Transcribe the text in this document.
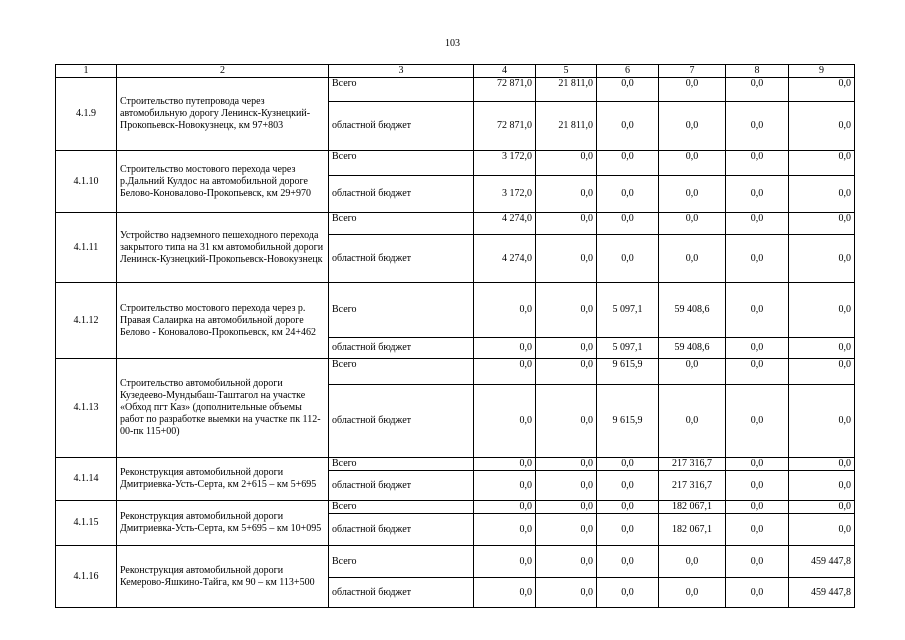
103
1	2	3	4	5	6	7	8	9
4.1.9	Строительство путепровода через автомобильную дорогу Ленинск-Кузнецкий-Прокопьевск-Новокузнецк, км 97+803	Всего	72 871,0	21 811,0	0,0	0,0	0,0	0,0
		областной бюджет	72 871,0	21 811,0	0,0	0,0	0,0	0,0
4.1.10	Строительство мостового перехода через р.Дальний Кулдос на автомобильной дороге Белово-Коновалово-Прокопьевск, км 29+970	Всего	3 172,0	0,0	0,0	0,0	0,0	0,0
		областной бюджет	3 172,0	0,0	0,0	0,0	0,0	0,0
4.1.11	Устройство надземного пешеходного перехода закрытого типа на 31 км автомобильной дороги Ленинск-Кузнецкий-Прокопьевск-Новокузнецк	Всего	4 274,0	0,0	0,0	0,0	0,0	0,0
		областной бюджет	4 274,0	0,0	0,0	0,0	0,0	0,0
4.1.12	Строительство мостового перехода через р. Правая Салаирка на автомобильной дороге Белово - Коновалово-Прокопьевск, км 24+462	Всего	0,0	0,0	5 097,1	59 408,6	0,0	0,0
		областной бюджет	0,0	0,0	5 097,1	59 408,6	0,0	0,0
4.1.13	Строительство автомобильной дороги Кузедеево-Мундыбаш-Таштагол на участке «Обход пгт Каз» (дополнительные объемы работ по разработке выемки на участке пк 112-00-пк 115+00)	Всего	0,0	0,0	9 615,9	0,0	0,0	0,0
		областной бюджет	0,0	0,0	9 615,9	0,0	0,0	0,0
4.1.14	Реконструкция автомобильной дороги Дмитриевка-Усть-Серта, км 2+615 – км 5+695	Всего	0,0	0,0	0,0	217 316,7	0,0	0,0
		областной бюджет	0,0	0,0	0,0	217 316,7	0,0	0,0
4.1.15	Реконструкция автомобильной дороги Дмитриевка-Усть-Серта, км 5+695 – км 10+095	Всего	0,0	0,0	0,0	182 067,1	0,0	0,0
		областной бюджет	0,0	0,0	0,0	182 067,1	0,0	0,0
4.1.16	Реконструкция автомобильной дороги Кемерово-Яшкино-Тайга, км 90 – км 113+500	Всего	0,0	0,0	0,0	0,0	0,0	459 447,8
		областной бюджет	0,0	0,0	0,0	0,0	0,0	459 447,8
